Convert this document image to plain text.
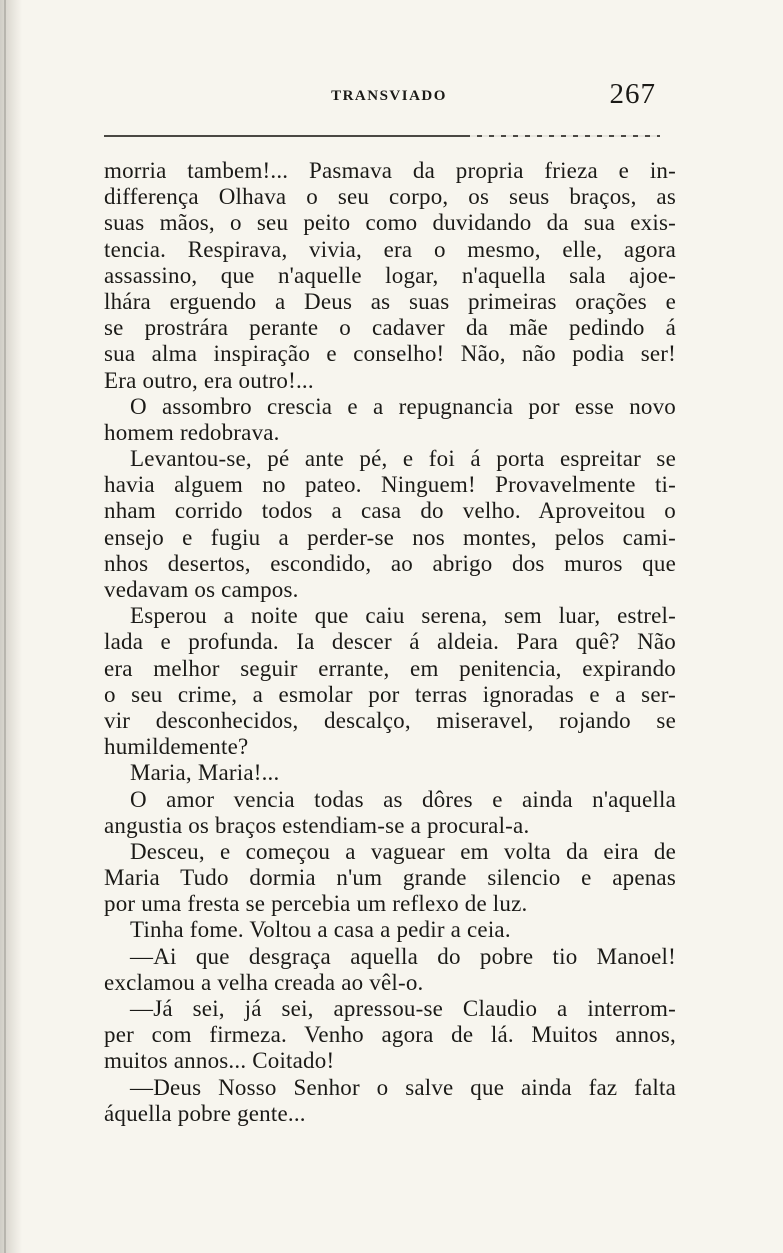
TRANSVIADO	267
morria tambem!... Pasmava da propria frieza e in-
differença Olhava o seu corpo, os seus braços, as
suas mãos, o seu peito como duvidando da sua exis-
tencia. Respirava, vivia, era o mesmo, elle, agora
assassino, que n'aquelle logar, n'aquella sala ajoe-
lhára erguendo a Deus as suas primeiras orações e
se prostrára perante o cadaver da mãe pedindo á
sua alma inspiração e conselho! Não, não podia ser!
Era outro, era outro!...
O assombro crescia e a repugnancia por esse novo
homem redobrava.
Levantou-se, pé ante pé, e foi á porta espreitar se
havia alguem no pateo. Ninguem! Provavelmente ti-
nham corrido todos a casa do velho. Aproveitou o
ensejo e fugiu a perder-se nos montes, pelos cami-
nhos desertos, escondido, ao abrigo dos muros que
vedavam os campos.
Esperou a noite que caiu serena, sem luar, estrel-
lada e profunda. Ia descer á aldeia. Para quê? Não
era melhor seguir errante, em penitencia, expirando
o seu crime, a esmolar por terras ignoradas e a ser-
vir desconhecidos, descalço, miseravel, rojando se
humildemente?
Maria, Maria!...
O amor vencia todas as dôres e ainda n'aquella
angustia os braços estendiam-se a procural-a.
Desceu, e começou a vaguear em volta da eira de
Maria Tudo dormia n'um grande silencio e apenas
por uma fresta se percebia um reflexo de luz.
Tinha fome. Voltou a casa a pedir a ceia.
—Ai que desgraça aquella do pobre tio Manoel!
exclamou a velha creada ao vêl-o.
—Já sei, já sei, apressou-se Claudio a interrom-
per com firmeza. Venho agora de lá. Muitos annos,
muitos annos... Coitado!
—Deus Nosso Senhor o salve que ainda faz falta
áquella pobre gente...
